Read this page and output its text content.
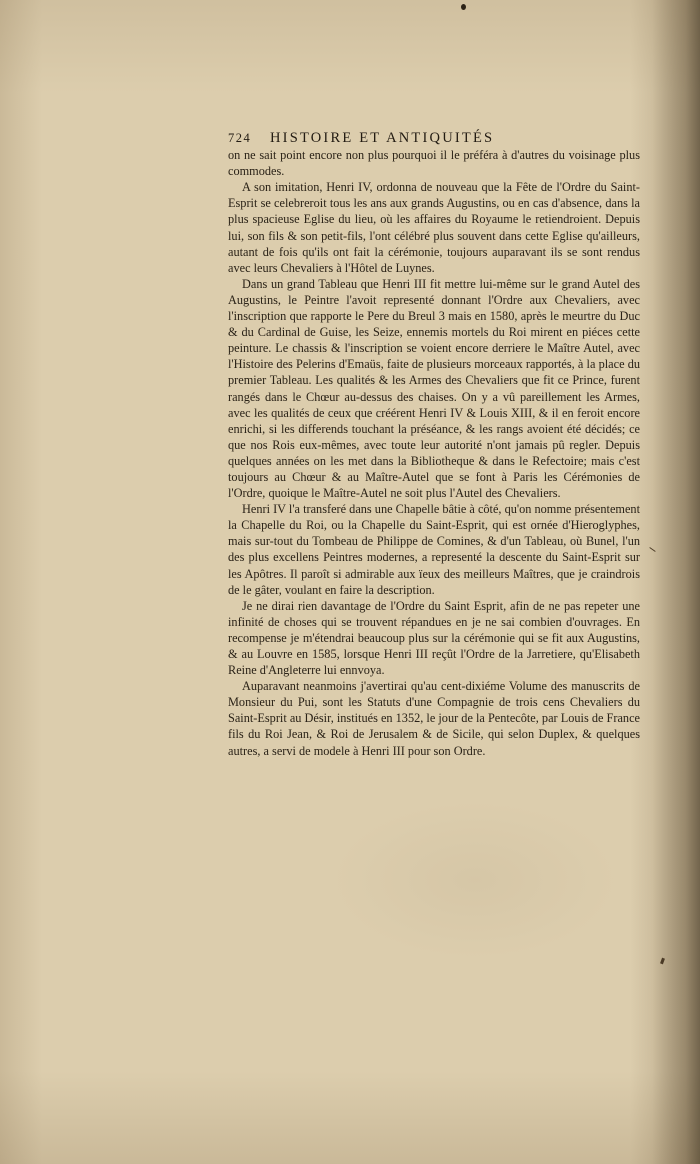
724	HISTOIRE ET ANTIQUITÉS

on ne sait point encore non plus pourquoi il le préféra à d'autres du voisinage plus commodes.

A son imitation, Henri IV, ordonna de nouveau que la Fête de l'Ordre du Saint-Esprit se celebreroit tous les ans aux grands Augustins, ou en cas d'absence, dans la plus spacieuse Eglise du lieu, où les affaires du Royaume le retiendroient. Depuis lui, son fils & son petit-fils, l'ont célébré plus souvent dans cette Eglise qu'ailleurs, autant de fois qu'ils ont fait la cérémonie, toujours auparavant ils se sont rendus avec leurs Chevaliers à l'Hôtel de Luynes.

Dans un grand Tableau que Henri III fit mettre lui-même sur le grand Autel des Augustins, le Peintre l'avoit representé donnant l'Ordre aux Chevaliers, avec l'inscription que rapporte le Pere du Breul 3 mais en 1580, après le meurtre du Duc & du Cardinal de Guise, les Seize, ennemis mortels du Roi mirent en piéces cette peinture. Le chassis & l'inscription se voient encore derriere le Maître Autel, avec l'Histoire des Pelerins d'Emaüs, faite de plusieurs morceaux rapportés, à la place du premier Tableau. Les qualités & les Armes des Chevaliers que fit ce Prince, furent rangés dans le Chœur au-dessus des chaises. On y a vû pareillement les Armes, avec les qualités de ceux que créérent Henri IV & Louis XIII, & il en feroit encore enrichi, si les differends touchant la préséance, & les rangs avoient été décidés; ce que nos Rois eux-mêmes, avec toute leur autorité n'ont jamais pû regler. Depuis quelques années on les met dans la Bibliotheque & dans le Refectoire; mais c'est toujours au Chœur & au Maître-Autel que se font à Paris les Cérémonies de l'Ordre, quoique le Maître-Autel ne soit plus l'Autel des Chevaliers.

Henri IV l'a transferé dans une Chapelle bâtie à côté, qu'on nomme présentement la Chapelle du Roi, ou la Chapelle du Saint-Esprit, qui est ornée d'Hieroglyphes, mais sur-tout du Tombeau de Philippe de Comines, & d'un Tableau, où Bunel, l'un des plus excellens Peintres modernes, a representé la descente du Saint-Esprit sur les Apôtres. Il paroît si admirable aux ïeux des meilleurs Maîtres, que je craindrois de le gâter, voulant en faire la description.

Je ne dirai rien davantage de l'Ordre du Saint Esprit, afin de ne pas repeter une infinité de choses qui se trouvent répandues en je ne sai combien d'ouvrages. En recompense je m'étendrai beaucoup plus sur la cérémonie qui se fit aux Augustins, & au Louvre en 1585, lorsque Henri III reçût l'Ordre de la Jarretiere, qu'Elisabeth Reine d'Angleterre lui ennvoya.

Auparavant neanmoins j'avertirai qu'au cent-dixiéme Volume des manuscrits de Monsieur du Pui, sont les Statuts d'une Compagnie de trois cens Chevaliers du Saint-Esprit au Désir, institués en 1352, le jour de la Pentecôte, par Louis de France fils du Roi Jean, & Roi de Jerusalem & de Sicile, qui selon Duplex, & quelques autres, a servi de modele à Henri III pour son Ordre.
